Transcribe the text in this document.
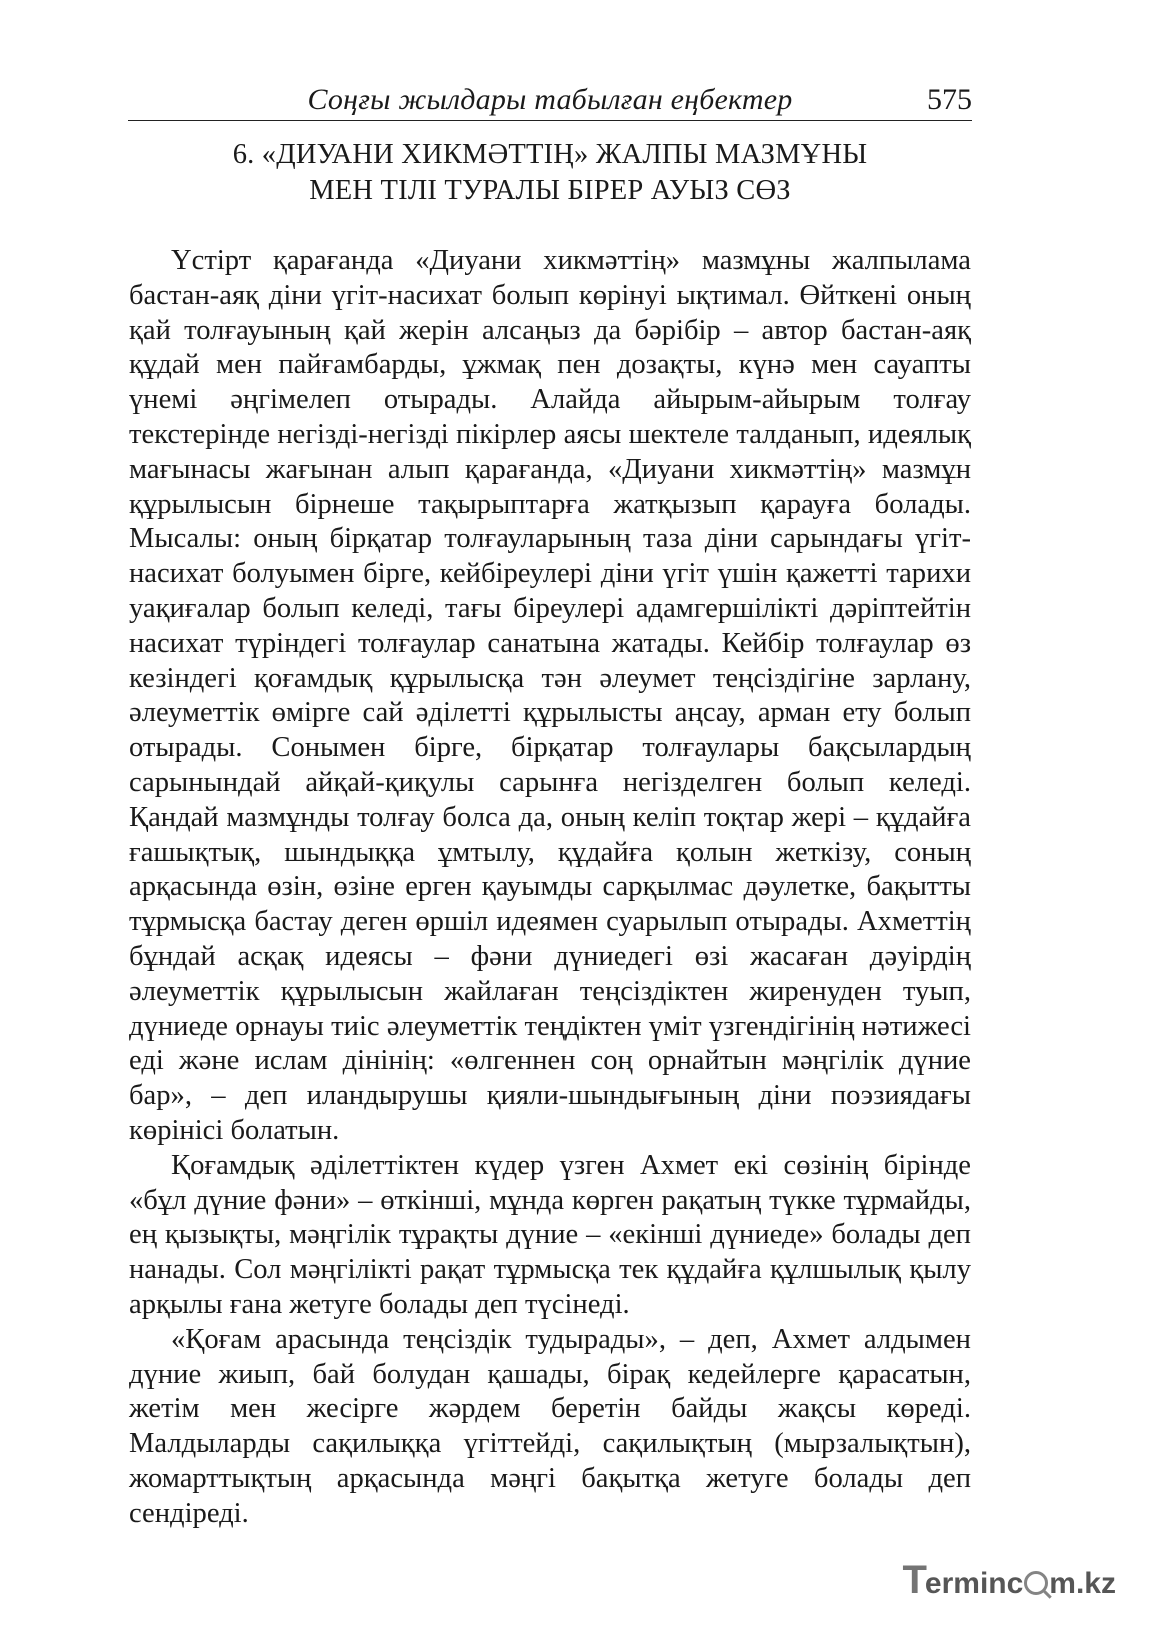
Соңғы жылдары табылған еңбектер	575
6. «ДИУАНИ ХИКМӘТТІҢ» ЖАЛПЫ МАЗМҰНЫ
МЕН ТІЛІ ТУРАЛЫ БІРЕР АУЫЗ СӨЗ

Үстірт қарағанда «Диуани хикмәттің» мазмұны жалпылама бастан-аяқ діни үгіт-насихат болып көрінуі ықтимал. Өйткені оның қай толғауының қай жерін алсаңыз да бәрібір – автор бастан-аяқ құдай мен пайғамбарды, ұжмақ пен дозақты, күнә мен сауапты үнемі әңгімелеп отырады. Алайда айырым-айырым толғау текстерінде негізді-негізді пікірлер аясы шектеле талданып, идеялық мағынасы жағынан алып қарағанда, «Диуани хикмәттің» мазмұн құрылысын бірнеше тақырыптарға жатқызып қарауға болады. Мысалы: оның бірқатар толғауларының таза діни сарындағы үгіт-насихат болуымен бірге, кейбіреулері діни үгіт үшін қажетті тарихи уақиғалар болып келеді, тағы біреулері адамгершілікті дәріптейтін насихат түріндегі толғаулар санатына жатады. Кейбір толғаулар өз кезіндегі қоғамдық құрылысқа тән әлеумет теңсіздігіне зарлану, әлеуметтік өмірге сай әділетті құрылысты аңсау, арман ету болып отырады. Сонымен бірге, бірқатар толғаулары бақсылардың сарынындай айқай-қиқулы сарынға негізделген болып келеді. Қандай мазмұнды толғау болса да, оның келіп тоқтар жері – құдайға ғашықтық, шындыққа ұмтылу, құдайға қолын жеткізу, соның арқасында өзін, өзіне ерген қауымды сарқылмас дәулетке, бақытты тұрмысқа бастау деген өршіл идеямен суарылып отырады. Ахметтің бұндай асқақ идеясы – фәни дүниедегі өзі жасаған дәуірдің әлеуметтік құрылысын жайлаған теңсіздіктен жиренуден туып, дүниеде орнауы тиіс әлеуметтік теңдіктен үміт үзгендігінің нәтижесі еді және ислам дінінің: «өлгеннен соң орнайтын мәңгілік дүние бар», – деп иландырушы қияли-шындығының діни поэзиядағы көрінісі болатын.

Қоғамдық әділеттіктен күдер үзген Ахмет екі сөзінің бірінде «бұл дүние фәни» – өткінші, мұнда көрген рақатың түкке тұрмайды, ең қызықты, мәңгілік тұрақты дүние – «екінші дүниеде» болады деп нанады. Сол мәңгілікті рақат тұрмысқа тек құдайға құлшылық қылу арқылы ғана жетуге болады деп түсінеді.

«Қоғам арасында теңсіздік тудырады», – деп, Ахмет алдымен дүние жиып, бай болудан қашады, бірақ кедейлерге қарасатын, жетім мен жесірге жәрдем беретін байды жақсы көреді. Малдыларды сақилыққа үгіттейді, сақилықтың (мырзалықтын), жомарттықтың арқасында мәңгі бақытқа жетуге болады деп сендіреді.

T
ermin c m.kz
